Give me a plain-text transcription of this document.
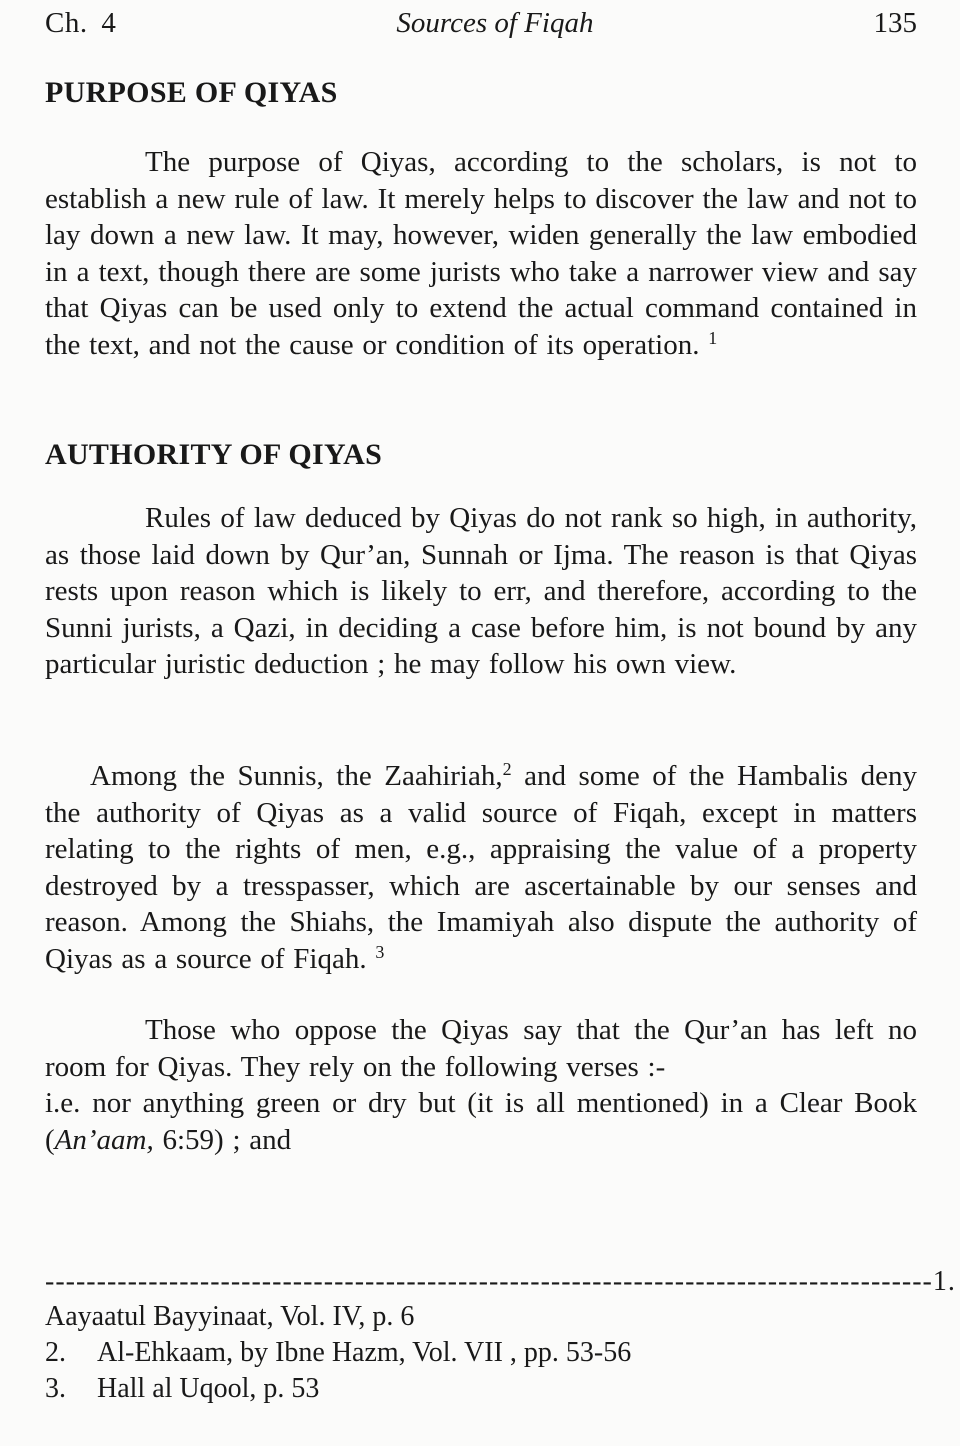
Ch. 4	Sources of Fiqah	135
PURPOSE OF QIYAS

The purpose of Qiyas, according to the scholars, is not to establish a new rule of law. It merely helps to discover the law and not to lay down a new law. It may, however, widen generally the law embodied in a text, though there are some jurists who take a narrower view and say that Qiyas can be used only to extend the actual command contained in the text, and not the cause or condition of its operation. $^1$

AUTHORITY OF QIYAS

Rules of law deduced by Qiyas do not rank so high, in authority, as those laid down by Qur’an, Sunnah or Ijma. The reason is that Qiyas rests upon reason which is likely to err, and therefore, according to the Sunni jurists, a Qazi, in deciding a case before him, is not bound by any particular juristic deduction ; he may follow his own view.

Among the Sunnis, the Zaahiriah,$^2$ and some of the Hambalis deny the authority of Qiyas as a valid source of Fiqah, except in matters relating to the rights of men, e.g., appraising the value of a property destroyed by a tresspasser, which are ascertainable by our senses and reason. Among the Shiahs, the Imamiyah also dispute the authority of Qiyas as a source of Fiqah. $^3$

Those who oppose the Qiyas say that the Qur’an has left no room for Qiyas. They rely on the following verses :-

i.e. nor anything green or dry but (it is all mentioned) in a Clear Book (An’aam, 6:59) ; and

--------------------------------------------------------------------------------------1.
Aayaatul Bayyinaat, Vol. IV, p. 6
2. Al-Ehkaam, by Ibne Hazm, Vol. VII , pp. 53-56
3. Hall al Uqool, p. 53
